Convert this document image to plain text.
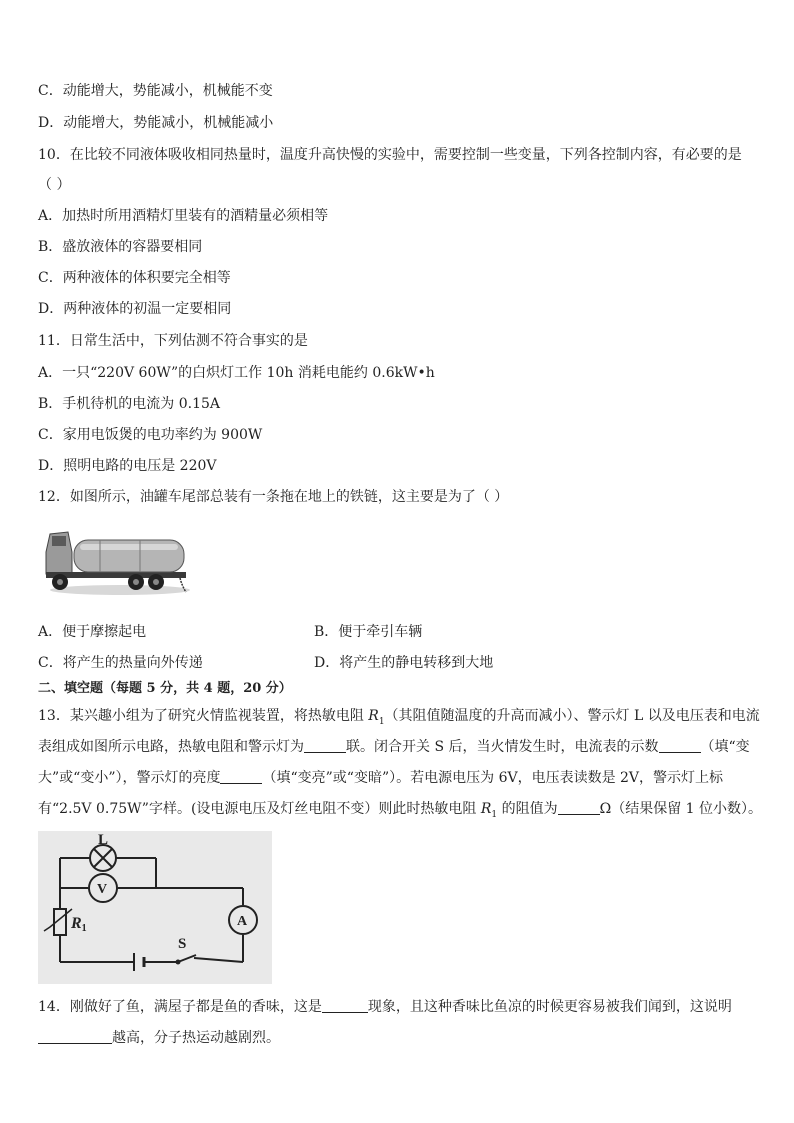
C．动能增大，势能减小，机械能不变
D．动能增大，势能减小，机械能减小
10．在比较不同液体吸收相同热量时，温度升高快慢的实验中，需要控制一些变量，下列各控制内容，有必要的是
（ ）
A．加热时所用酒精灯里装有的酒精量必须相等
B．盛放液体的容器要相同
C．两种液体的体积要完全相等
D．两种液体的初温一定要相同
11．日常生活中，下列估测不符合事实的是
A．一只“220V 60W”的白炽灯工作 10h 消耗电能约 0.6kW•h
B．手机待机的电流为 0.15A
C．家用电饭煲的电功率约为 900W
D．照明电路的电压是 220V
12．如图所示，油罐车尾部总装有一条拖在地上的铁链，这主要是为了（ ）
A．便于摩擦起电	B．便于牵引车辆
C．将产生的热量向外传递	D．将产生的静电转移到大地
二、填空题（每题 5 分，共 4 题，20 分）
13．某兴趣小组为了研究火情监视装置，将热敏电阻 $R_1$（其阻值随温度的升高而减小）、警示灯 L 以及电压表和电流
表组成如图所示电路，热敏电阻和警示灯为	联。闭合开关 S 后，当火情发生时，电流表的示数	（填“变
大”或“变小”），警示灯的亮度	（填“变亮”或“变暗”）。若电源电压为 6V，电压表读数是 2V，警示灯上标
有“2.5V 0.75W”字样。(设电源电压及灯丝电阻不变）则此时热敏电阻 $R_1$ 的阻值为	Ω（结果保留 1 位小数）。
L
V
R1	A
S
14．刚做好了鱼，满屋子都是鱼的香味，这是	现象，且这种香味比鱼凉的时候更容易被我们闻到，这说明
越高，分子热运动越剧烈。
